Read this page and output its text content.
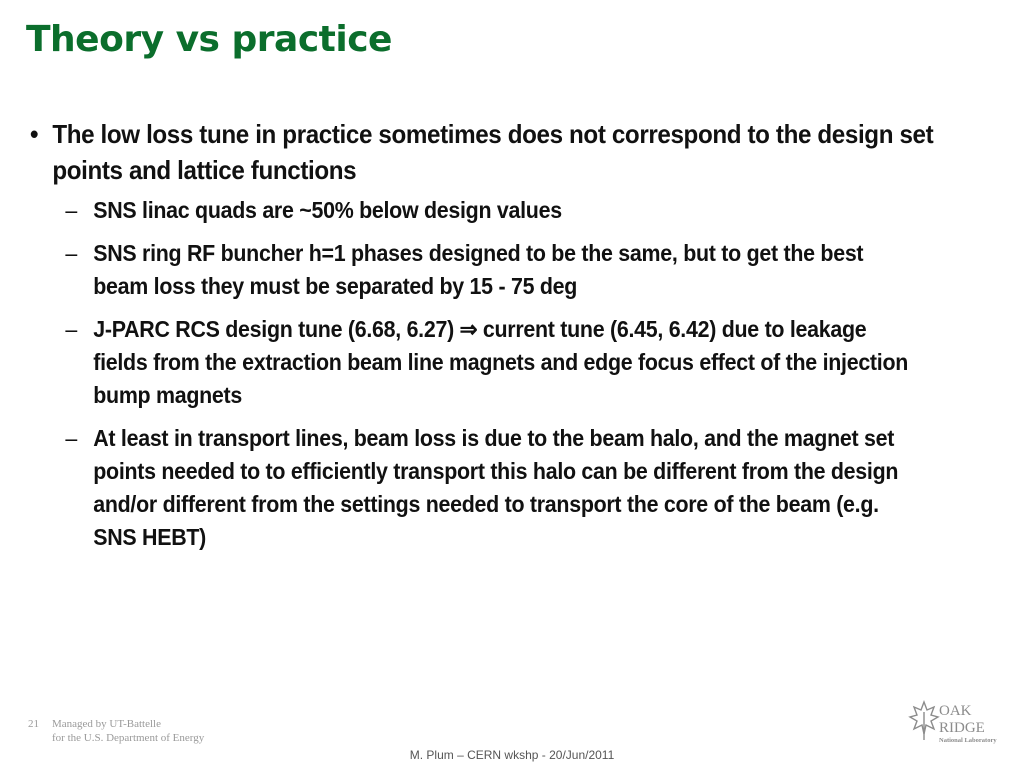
Theory vs practice
• The low loss tune in practice sometimes does not correspond to the design set points and lattice functions
– SNS linac quads are ~50% below design values
– SNS ring RF buncher h=1 phases designed to be the same, but to get the best beam loss they must be separated by 15 - 75 deg
– J-PARC RCS design tune (6.68, 6.27) ⇒ current tune (6.45, 6.42) due to leakage fields from the extraction beam line magnets and edge focus effect of the injection bump magnets
– At least in transport lines, beam loss is due to the beam halo, and the magnet set points needed to to efficiently transport this halo can be different from the design and/or different from the settings needed to transport the core of the beam (e.g. SNS HEBT)
21 Managed by UT-Battelle
for the U.S. Department of Energy
M. Plum – CERN wkshp - 20/Jun/2011
OAK
RIDGE
National Laboratory
